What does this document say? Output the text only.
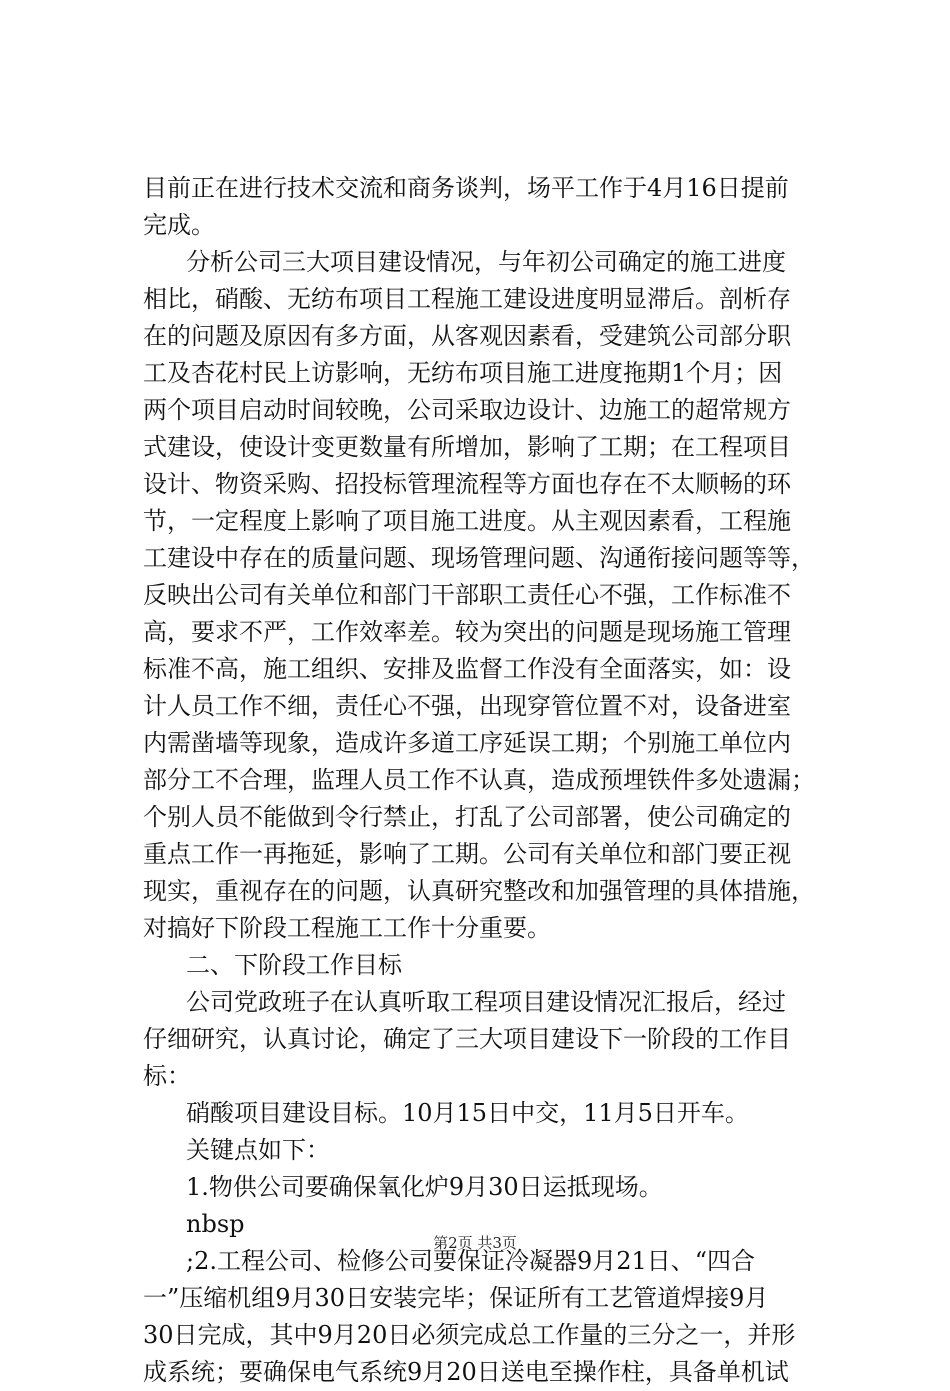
目前正在进行技术交流和商务谈判，场平工作于4月16日提前
完成。
分析公司三大项目建设情况，与年初公司确定的施工进度
相比，硝酸、无纺布项目工程施工建设进度明显滞后。剖析存
在的问题及原因有多方面，从客观因素看，受建筑公司部分职
工及杏花村民上访影响，无纺布项目施工进度拖期1个月；因
两个项目启动时间较晚，公司采取边设计、边施工的超常规方
式建设，使设计变更数量有所增加，影响了工期；在工程项目
设计、物资采购、招投标管理流程等方面也存在不太顺畅的环
节，一定程度上影响了项目施工进度。从主观因素看，工程施
工建设中存在的质量问题、现场管理问题、沟通衔接问题等等，
反映出公司有关单位和部门干部职工责任心不强，工作标准不
高，要求不严，工作效率差。较为突出的问题是现场施工管理
标准不高，施工组织、安排及监督工作没有全面落实，如：设
计人员工作不细，责任心不强，出现穿管位置不对，设备进室
内需凿墙等现象，造成许多道工序延误工期；个别施工单位内
部分工不合理，监理人员工作不认真，造成预埋铁件多处遗漏；
个别人员不能做到令行禁止，打乱了公司部署，使公司确定的
重点工作一再拖延，影响了工期。公司有关单位和部门要正视
现实，重视存在的问题，认真研究整改和加强管理的具体措施，
对搞好下阶段工程施工工作十分重要。
二、下阶段工作目标
公司党政班子在认真听取工程项目建设情况汇报后，经过
仔细研究，认真讨论，确定了三大项目建设下一阶段的工作目
标：
硝酸项目建设目标。10月15日中交，11月5日开车。
关键点如下：
1.物供公司要确保氧化炉9月30日运抵现场。
nbsp
;2.工程公司、检修公司要保证冷凝器9月21日、“四合
一”压缩机组9月30日安装完毕；保证所有工艺管道焊接9月
30日完成，其中9月20日必须完成总工作量的三分之一，并形
成系统；要确保电气系统9月20日送电至操作柱，具备单机试
第2页 共3页
